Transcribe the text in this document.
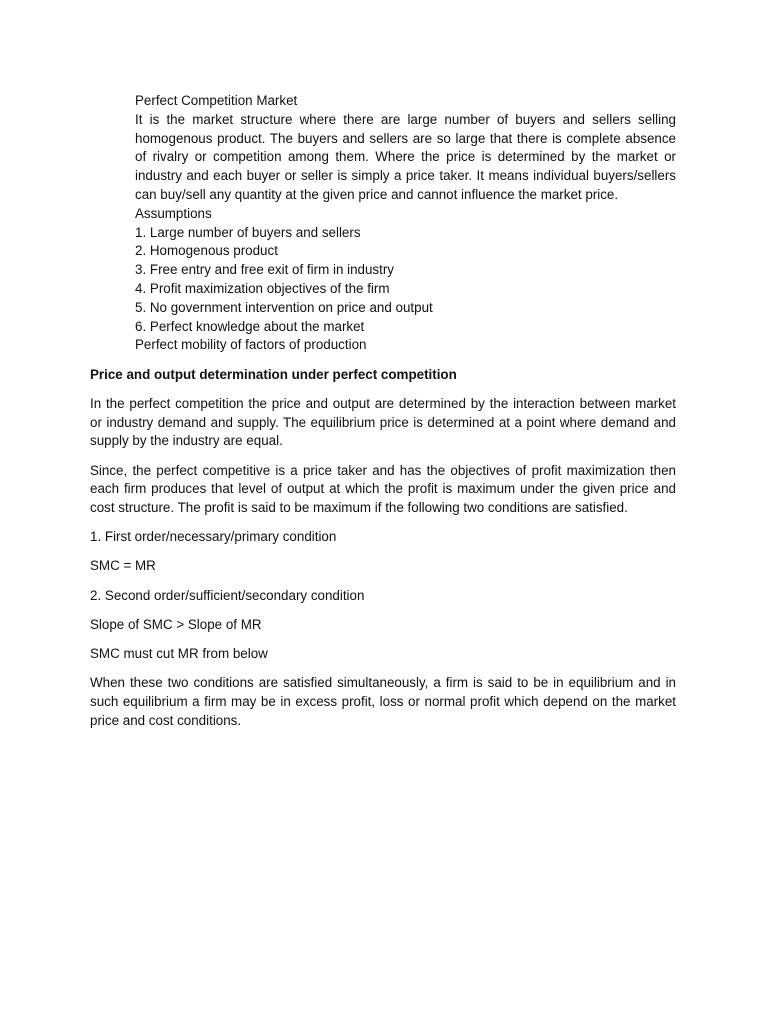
Perfect Competition Market
It is the market structure where there are large number of buyers and sellers selling homogenous product. The buyers and sellers are so large that there is complete absence of rivalry or competition among them. Where the price is determined by the market or industry and each buyer or seller is simply a price taker. It means individual buyers/sellers can buy/sell any quantity at the given price and cannot influence the market price.
Assumptions
1. Large number of buyers and sellers
2. Homogenous product
3. Free entry and free exit of firm in industry
4. Profit maximization objectives of the firm
5. No government intervention on price and output
6. Perfect knowledge about the market
Perfect mobility of factors of production
Price and output determination under perfect competition
In the perfect competition the price and output are determined by the interaction between market or industry demand and supply. The equilibrium price is determined at a point where demand and supply by the industry are equal.
Since, the perfect competitive is a price taker and has the objectives of profit maximization then each firm produces that level of output at which the profit is maximum under the given price and cost structure. The profit is said to be maximum if the following two conditions are satisfied.
1. First order/necessary/primary condition
SMC = MR
2. Second order/sufficient/secondary condition
Slope of SMC > Slope of MR
SMC must cut MR from below
When these two conditions are satisfied simultaneously, a firm is said to be in equilibrium and in such equilibrium a firm may be in excess profit, loss or normal profit which depend on the market price and cost conditions.
